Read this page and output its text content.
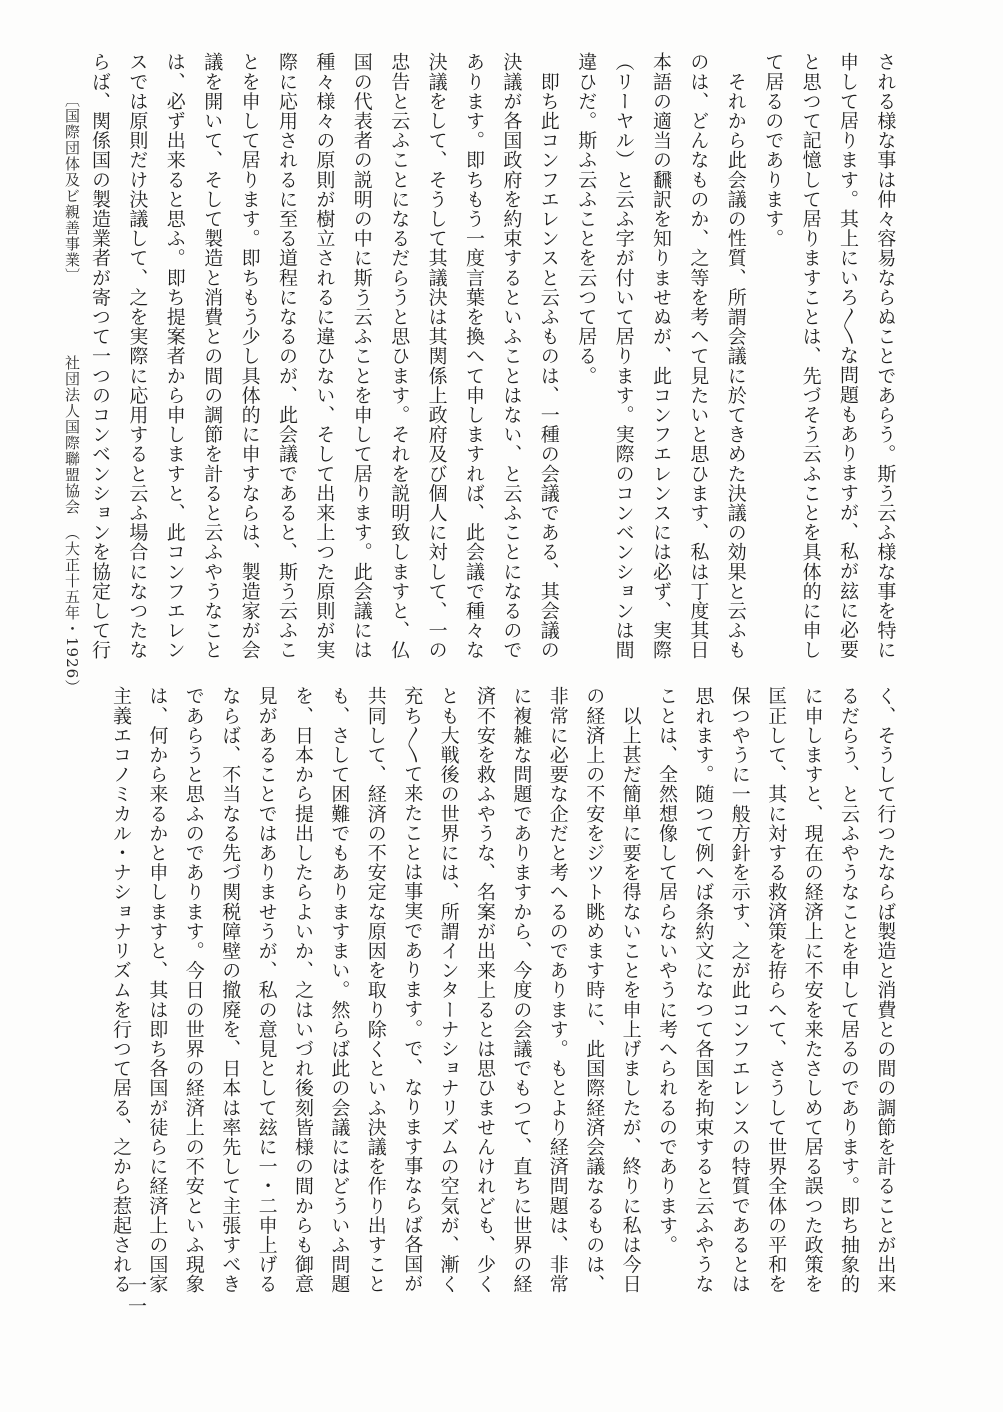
される様な事は仲々容易ならぬことであらう。斯う云ふ様な事を特に
申して居ります。其上にいろ〳〵な問題もありますが、私が玆に必要
と思つて記憶して居りますことは、先づそう云ふことを具体的に申し
て居るのであります。
　それから此会議の性質、所謂会議に於てきめた決議の効果と云ふも
のは、どんなものか、之等を考へて見たいと思ひます、私は丁度其日
本語の適当の飜訳を知りませぬが、此コンフエレンスには必ず、実際
（リーヤル）と云ふ字が付いて居ります。実際のコンベンションは間
違ひだ。斯ふ云ふことを云つて居る。
　即ち此コンフエレンスと云ふものは、一種の会議である、其会議の
決議が各国政府を約束するといふことはない、と云ふことになるので
あります。即ちもう一度言葉を換へて申しますれば、此会議で種々な
決議をして、そうして其議決は其関係上政府及び個人に対して、一の
忠告と云ふことになるだらうと思ひます。それを説明致しますと、仏
国の代表者の説明の中に斯う云ふことを申して居ります。此会議には
種々様々の原則が樹立されるに違ひない、そして出来上つた原則が実
際に応用されるに至る道程になるのが、此会議であると、斯う云ふこ
とを申して居ります。即ちもう少し具体的に申すならは、製造家が会
議を開いて、そして製造と消費との間の調節を計ると云ふやうなこと
は、必ず出来ると思ふ。即ち提案者から申しますと、此コンフエレン
スでは原則だけ決議して、之を実際に応用すると云ふ場合になつたな
らば、関係国の製造業者が寄つて一つのコンベンションを協定して行
く、そうして行つたならば製造と消費との間の調節を計ることが出来
るだらう、と云ふやうなことを申して居るのであります。即ち抽象的
に申しますと、現在の経済上に不安を来たさしめて居る誤つた政策を
匡正して、其に対する救済策を拵らへて、さうして世界全体の平和を
保つやうに一般方針を示す、之が此コンフエレンスの特質であるとは
思れます。随つて例へば条約文になつて各国を拘束すると云ふやうな
ことは、全然想像して居らないやうに考へられるのであります。
　以上甚だ簡単に要を得ないことを申上げましたが、終りに私は今日
の経済上の不安をジツト眺めます時に、此国際経済会議なるものは、
非常に必要な企だと考へるのであります。もとより経済問題は、非常
に複雑な問題でありますから、今度の会議でもつて、直ちに世界の経
済不安を救ふやうな、名案が出来上るとは思ひませんけれども、少く
とも大戦後の世界には、所謂インターナショナリズムの空気が、漸く
充ち〳〵て来たことは事実であります。で、なります事ならば各国が
共同して、経済の不安定な原因を取り除くといふ決議を作り出すこと
も、さして困難でもありますまい。然らば此の会議にはどういふ問題
を、日本から提出したらよいか、之はいづれ後刻皆様の間からも御意
見があることではありませうが、私の意見として玆に一・二申上げる
ならば、不当なる先づ関税障壁の撤廃を、日本は率先して主張すべき
であらうと思ふのであります。今日の世界の経済上の不安といふ現象
は、何から来るかと申しますと、其は即ち各国が徒らに経済上の国家
主義エコノミカル・ナショナリズムを行つて居る、之から惹起される
〔国際団体及ビ親善事業〕
社団法人国際聯盟協会
（大正十五年・1926）
一一
